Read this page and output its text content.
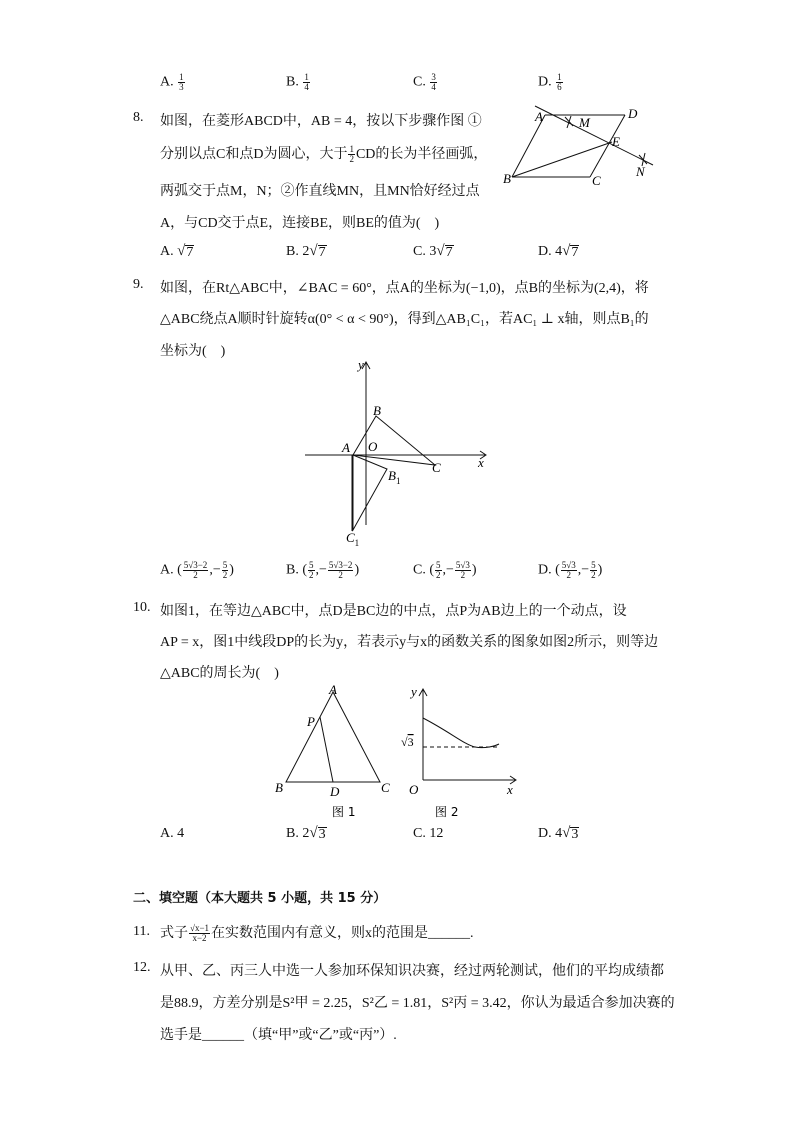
A. $\frac{1}{3}$	B. $\frac{1}{4}$	C. $\frac{3}{4}$	D. $\frac{1}{6}$
8. 如图，在菱形ABCD中，AB = 4，按以下步骤作图 ①
分别以点C和点D为圆心，大于 $\frac{1}{2}$ CD的长为半径画弧，
两弧交于点M，N；②作直线MN，且MN恰好经过点
A，与CD交于点E，连接BE，则BE的值为(　)
A	D
M
E
B	C
N
A. √ 7	B. 2 √ 7	C. 3 √ 7	D. 4 √ 7
9. 如图，在Rt△ABC中，∠BAC = 60°，点A的坐标为(−1,0)，点B的坐标为(2,4)，将
△ABC绕点A顺时针旋转α(0° < α < 90°)，得到△AB₁C₁，若AC₁ ⊥ x轴，则点B₁的
坐标为(　)
y
x
B
A O
C
$B_1$
$C_1$
A. ( $\frac{5√3-2}{2}$ ,− $\frac{5}{2}$ )	B. ( $\frac{5}{2}$ ,− $\frac{5√3-2}{2}$ )	C. ( $\frac{5}{2}$ ,− $\frac{5√3}{2}$ )	D. ( $\frac{5√3}{2}$ ,− $\frac{5}{2}$ )
10. 如图1，在等边△ABC中，点D是BC边的中点，点P为AB边上的一个动点，设
AP = x，图1中线段DP的长为y，若表示y与x的函数关系的图象如图2所示，则等边
△ABC的周长为(　)
A
P
B	D	C
图 1
y
√3
O	x
图 2
A. 4	B. 2 √ 3	C. 12	D. 4 √ 3
二、填空题（本大题共 5 小题，共 15 分）
11. 式子 $\frac{√x-1}{x-2}$ 在实数范围内有意义，则x的范围是______.
12. 从甲、乙、丙三人中选一人参加环保知识决赛，经过两轮测试，他们的平均成绩都
是88.9，方差分别是S²甲 = 2.25，S²乙 = 1.81，S²丙 = 3.42，你认为最适合参加决赛的
选手是______（填“甲”或“乙”或“丙”）.
